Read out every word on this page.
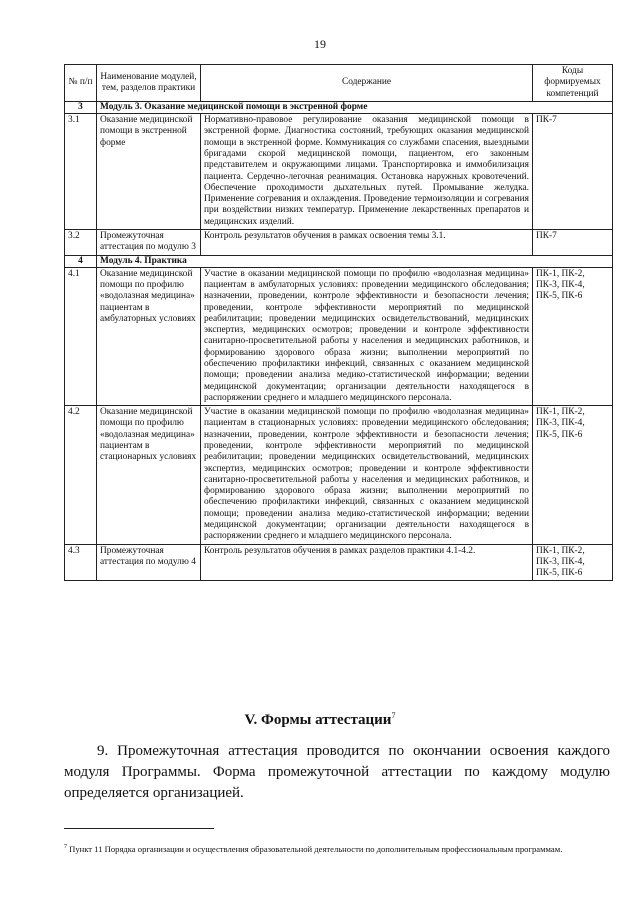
19
№ п/п	Наименование модулей, тем, разделов практики	Содержание	Коды формируемых компетенций
3	Модуль 3. Оказание медицинской помощи в экстренной форме		
3.1	Оказание медицинской помощи в экстренной форме	Нормативно-правовое регулирование оказания медицинской помощи в экстренной форме. Диагностика состояний, требующих оказания медицинской помощи в экстренной форме. Коммуникация со службами спасения, выездными бригадами скорой медицинской помощи, пациентом, его законным представителем и окружающими лицами. Транспортировка и иммобилизация пациента. Сердечно-легочная реанимация. Остановка наружных кровотечений. Обеспечение проходимости дыхательных путей. Промывание желудка. Применение согревания и охлаждения. Проведение термоизоляции и согревания при воздействии низких температур. Применение лекарственных препаратов и медицинских изделий.	ПК-7
3.2	Промежуточная аттестация по модулю 3	Контроль результатов обучения в рамках освоения темы 3.1.	ПК-7
4	Модуль 4. Практика		
4.1	Оказание медицинской помощи по профилю «водолазная медицина» пациентам в амбулаторных условиях	Участие в оказании медицинской помощи по профилю «водолазная медицина» пациентам в амбулаторных условиях: проведении медицинского обследования; назначении, проведении, контроле эффективности и безопасности лечения; проведении, контроле эффективности мероприятий по медицинской реабилитации; проведении медицинских освидетельствований, медицинских экспертиз, медицинских осмотров; проведении и контроле эффективности санитарно-просветительной работы у населения и медицинских работников, и формированию здорового образа жизни; выполнении мероприятий по обеспечению профилактики инфекций, связанных с оказанием медицинской помощи; проведении анализа медико-статистической информации; ведении медицинской документации; организации деятельности находящегося в распоряжении среднего и младшего медицинского персонала.	ПК-1, ПК-2, ПК-3, ПК-4, ПК-5, ПК-6
4.2	Оказание медицинской помощи по профилю «водолазная медицина» пациентам в стационарных условиях	Участие в оказании медицинской помощи по профилю «водолазная медицина» пациентам в стационарных условиях: проведении медицинского обследования; назначении, проведении, контроле эффективности и безопасности лечения; проведении, контроле эффективности мероприятий по медицинской реабилитации; проведении медицинских освидетельствований, медицинских экспертиз, медицинских осмотров; проведении и контроле эффективности санитарно-просветительной работы у населения и медицинских работников, и формированию здорового образа жизни; выполнении мероприятий по обеспечению профилактики инфекций, связанных с оказанием медицинской помощи; проведении анализа медико-статистической информации; ведении медицинской документации; организации деятельности находящегося в распоряжении среднего и младшего медицинского персонала.	ПК-1, ПК-2, ПК-3, ПК-4, ПК-5, ПК-6
4.3	Промежуточная аттестация по модулю 4	Контроль результатов обучения в рамках разделов практики 4.1-4.2.	ПК-1, ПК-2, ПК-3, ПК-4, ПК-5, ПК-6
V. Формы аттестации$^7$

9. Промежуточная аттестация проводится по окончании освоения каждого модуля Программы. Форма промежуточной аттестации по каждому модулю определяется организацией.

$^7$ Пункт 11 Порядка организации и осуществления образовательной деятельности по дополнительным профессиональным программам.
